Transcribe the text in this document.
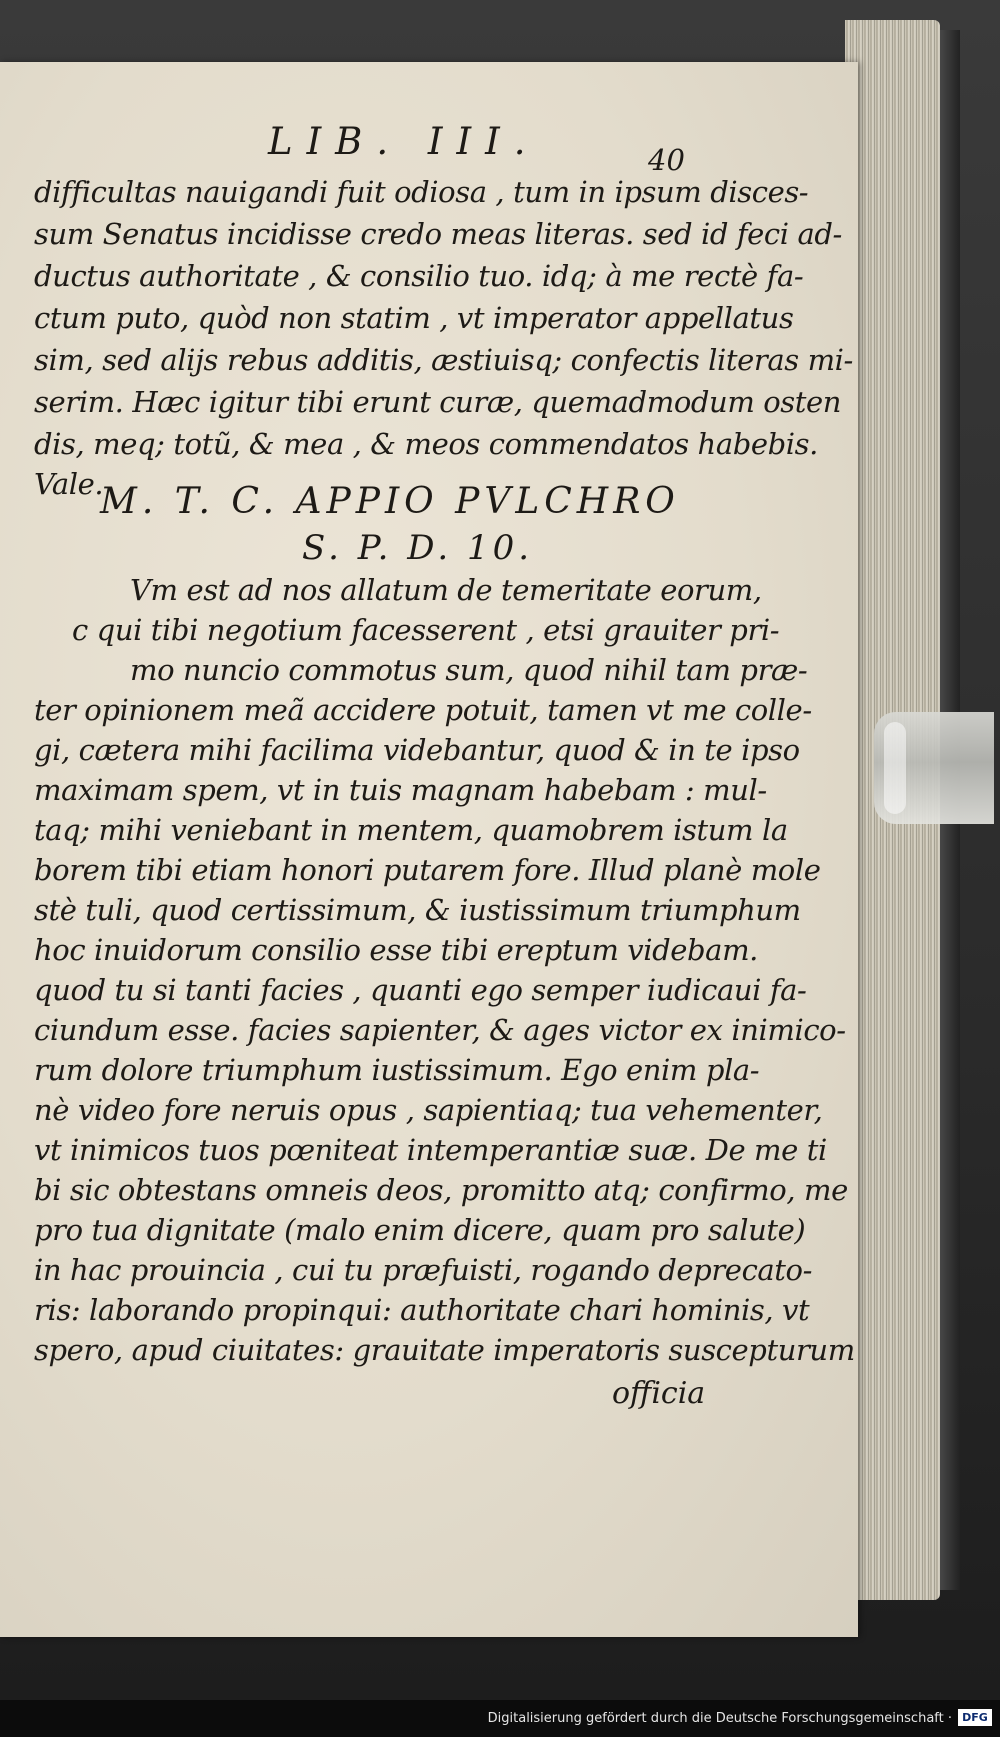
LIB. III.	40
difficultas nauigandi fuit odiosa , tum in ipsum disces-
sum Senatus incidisse credo meas literas. sed id feci ad-
ductus authoritate , & consilio tuo. idq; à me rectè fa-
ctum puto, quòd non statim , vt imperator appellatus
sim, sed alijs rebus additis, æstiuisq; confectis literas mi-
serim. Hæc igitur tibi erunt curæ, quemadmodum osten
dis, meq; totũ, & mea , & meos commendatos habebis.
Vale.
M. T. C. APPIO PVLCHRO
S. P. D. 10.
Vm est ad nos allatum de temeritate eorum,
c qui tibi negotium facesserent , etsi grauiter pri-
mo nuncio commotus sum, quod nihil tam præ-
ter opinionem meã accidere potuit, tamen vt me colle-
gi, cætera mihi facilima videbantur, quod & in te ipso
maximam spem, vt in tuis magnam habebam : mul-
taq; mihi veniebant in mentem, quamobrem istum la
borem tibi etiam honori putarem fore. Illud planè mole
stè tuli, quod certissimum, & iustissimum triumphum
hoc inuidorum consilio esse tibi ereptum videbam.
quod tu si tanti facies , quanti ego semper iudicaui fa-
ciundum esse. facies sapienter, & ages victor ex inimico-
rum dolore triumphum iustissimum. Ego enim pla-
nè video fore neruis opus , sapientiaq; tua vehementer,
vt inimicos tuos pœniteat intemperantiæ suæ. De me ti
bi sic obtestans omneis deos, promitto atq; confirmo, me
pro tua dignitate (malo enim dicere, quam pro salute)
in hac prouincia , cui tu præfuisti, rogando deprecato-
ris: laborando propinqui: authoritate chari hominis, vt
spero, apud ciuitates: grauitate imperatoris suscepturum
officia
Digitalisierung gefördert durch die Deutsche Forschungsgemeinschaft · DFG
